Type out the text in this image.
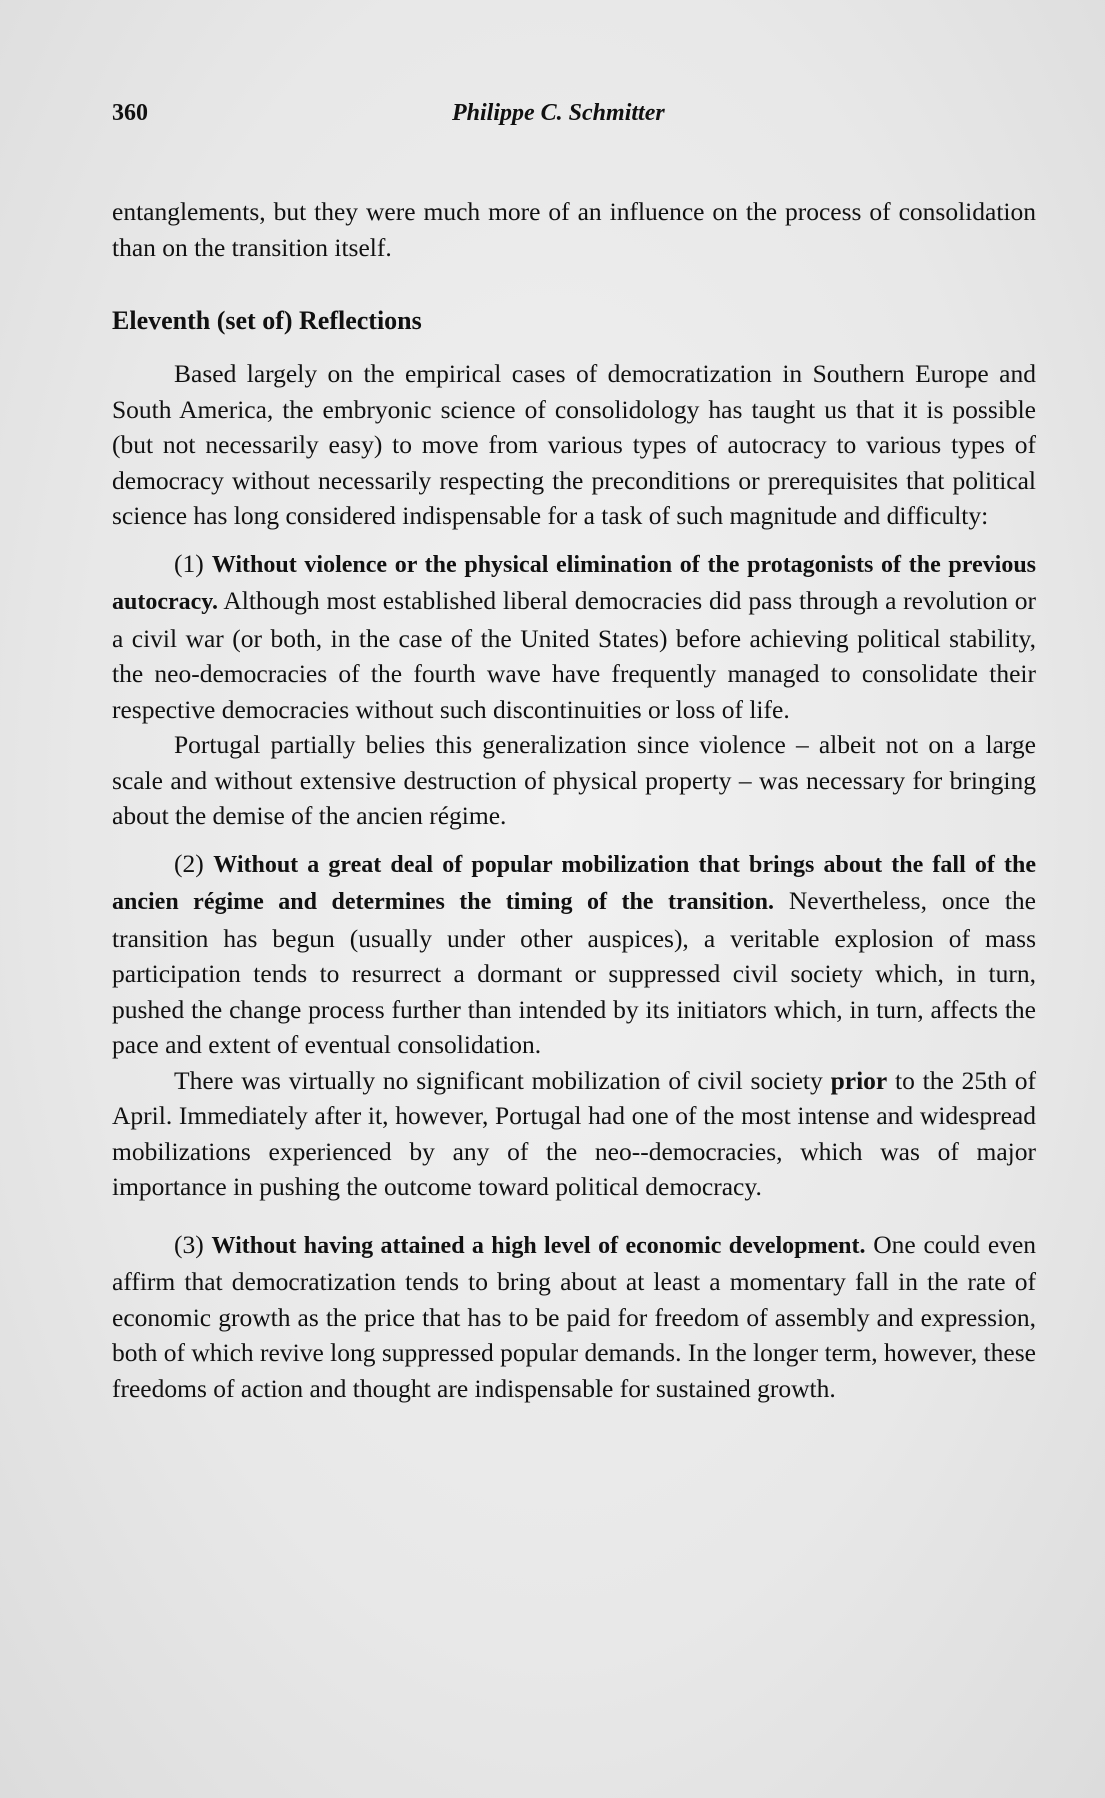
360	Philippe C. Schmitter

entanglements, but they were much more of an influence on the process of consolidation than on the transition itself.

Eleventh (set of) Reflections

Based largely on the empirical cases of democratization in Southern Europe and South America, the embryonic science of consolidology has taught us that it is possible (but not necessarily easy) to move from various types of autocracy to various types of democracy without necessarily respecting the preconditions or prerequisites that political science has long considered indispensable for a task of such magnitude and difficulty:

(1) Without violence or the physical elimination of the protagonists of the previous autocracy. Although most established liberal democracies did pass through a revolution or a civil war (or both, in the case of the United States) before achieving political stability, the neo-democracies of the fourth wave have frequently managed to consolidate their respective democracies without such discontinuities or loss of life.

Portugal partially belies this generalization since violence – albeit not on a large scale and without extensive destruction of physical property – was necessary for bringing about the demise of the ancien régime.

(2) Without a great deal of popular mobilization that brings about the fall of the ancien régime and determines the timing of the transition. Nevertheless, once the transition has begun (usually under other auspices), a veritable explosion of mass participation tends to resurrect a dormant or suppressed civil society which, in turn, pushed the change process further than intended by its initiators which, in turn, affects the pace and extent of eventual consolidation.

There was virtually no significant mobilization of civil society prior to the 25th of April. Immediately after it, however, Portugal had one of the most intense and widespread mobilizations experienced by any of the neo--democracies, which was of major importance in pushing the outcome toward political democracy.

(3) Without having attained a high level of economic development. One could even affirm that democratization tends to bring about at least a momentary fall in the rate of economic growth as the price that has to be paid for freedom of assembly and expression, both of which revive long suppressed popular demands. In the longer term, however, these freedoms of action and thought are indispensable for sustained growth.
